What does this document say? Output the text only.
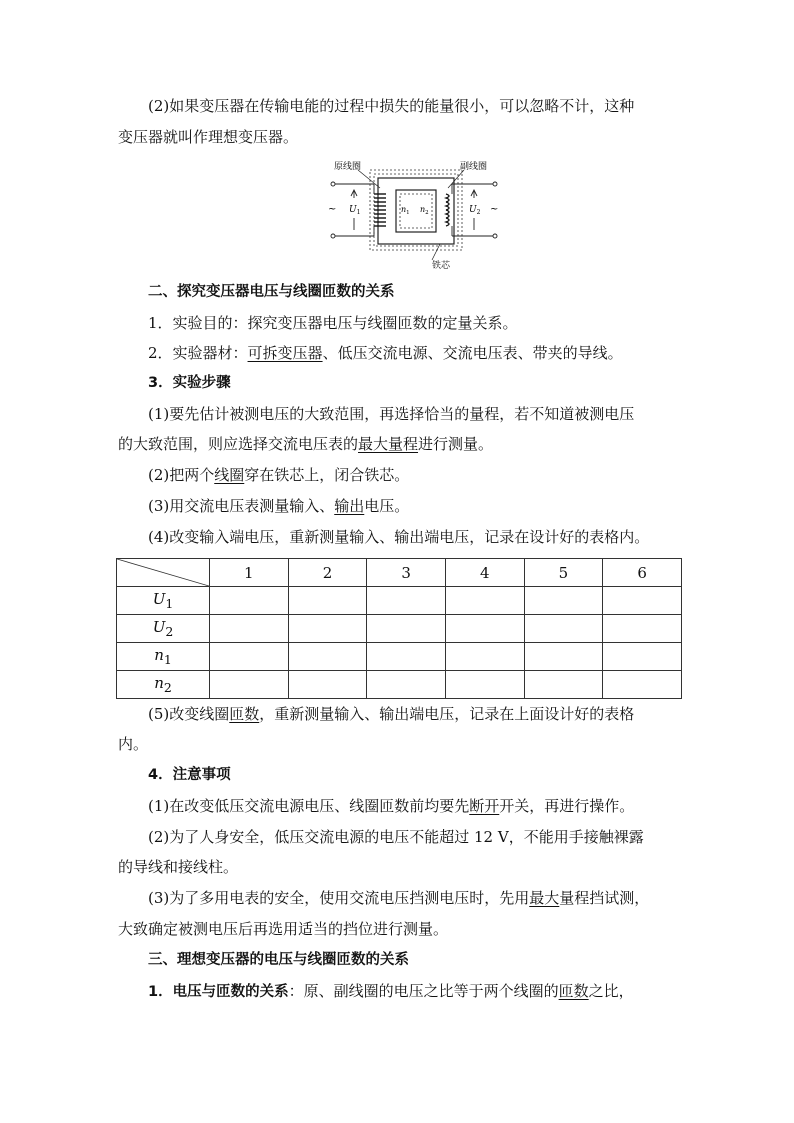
(2)如果变压器在传输电能的过程中损失的能量很小，可以忽略不计，这种
变压器就叫作理想变压器。
原线圈	副线圈
铁芯
~	~
$U_1$	$U_2$
$n_1$ $n_2$
二、探究变压器电压与线圈匝数的关系
1．实验目的：探究变压器电压与线圈匝数的定量关系。
2．实验器材：可拆变压器、低压交流电源、交流电压表、带夹的导线。
3．实验步骤
(1)要先估计被测电压的大致范围，再选择恰当的量程，若不知道被测电压
的大致范围，则应选择交流电压表的最大量程进行测量。
(2)把两个线圈穿在铁芯上，闭合铁芯。
(3)用交流电压表测量输入、输出电压。
(4)改变输入端电压，重新测量输入、输出端电压，记录在设计好的表格内。
	1	2	3	4	5	6
$U_1$						
$U_2$						
$n_1$						
$n_2$						
(5)改变线圈匝数，重新测量输入、输出端电压，记录在上面设计好的表格
内。
4．注意事项
(1)在改变低压交流电源电压、线圈匝数前均要先断开开关，再进行操作。
(2)为了人身安全，低压交流电源的电压不能超过 12 V，不能用手接触裸露
的导线和接线柱。
(3)为了多用电表的安全，使用交流电压挡测电压时，先用最大量程挡试测，
大致确定被测电压后再选用适当的挡位进行测量。
三、理想变压器的电压与线圈匝数的关系
1．电压与匝数的关系：原、副线圈的电压之比等于两个线圈的匝数之比，
